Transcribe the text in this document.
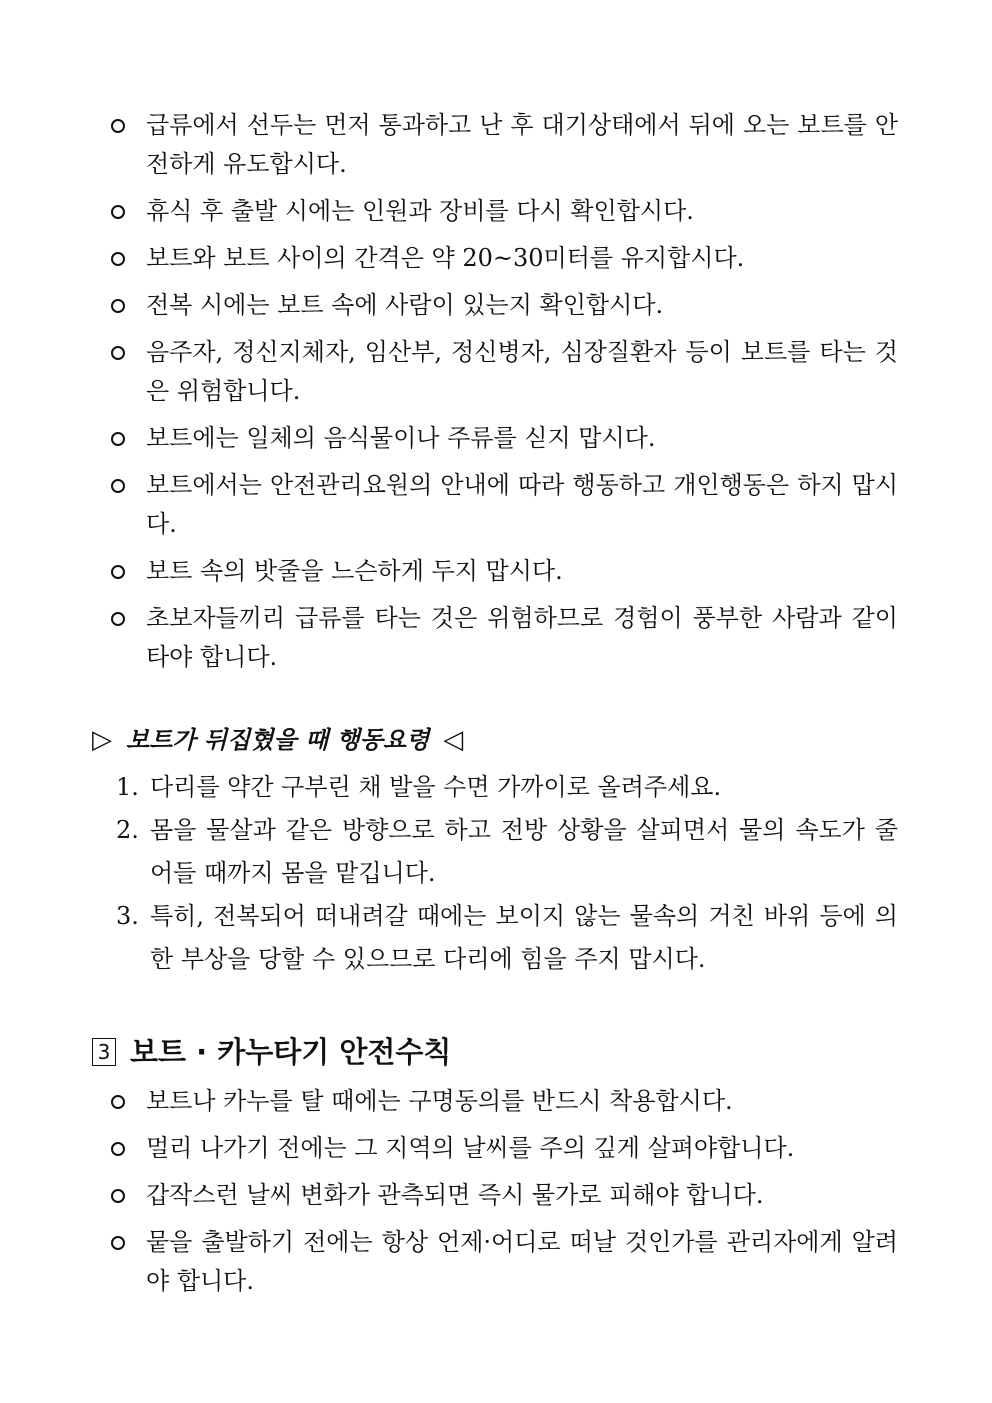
급류에서 선두는 먼저 통과하고 난 후 대기상태에서 뒤에 오는 보트를 안전하게 유도합시다.
휴식 후 출발 시에는 인원과 장비를 다시 확인합시다.
보트와 보트 사이의 간격은 약 20~30미터를 유지합시다.
전복 시에는 보트 속에 사람이 있는지 확인합시다.
음주자, 정신지체자, 임산부, 정신병자, 심장질환자 등이 보트를 타는 것은 위험합니다.
보트에는 일체의 음식물이나 주류를 싣지 맙시다.
보트에서는 안전관리요원의 안내에 따라 행동하고 개인행동은 하지 맙시다.
보트 속의 밧줄을 느슨하게 두지 맙시다.
초보자들끼리 급류를 타는 것은 위험하므로 경험이 풍부한 사람과 같이 타야 합니다.
▷ 보트가 뒤집혔을 때 행동요령 ◁
1. 다리를 약간 구부린 채 발을 수면 가까이로 올려주세요.
2. 몸을 물살과 같은 방향으로 하고 전방 상황을 살피면서 물의 속도가 줄어들 때까지 몸을 맡깁니다.
3. 특히, 전복되어 떠내려갈 때에는 보이지 않는 물속의 거친 바위 등에 의한 부상을 당할 수 있으므로 다리에 힘을 주지 맙시다.
3 보트 · 카누타기 안전수칙
보트나 카누를 탈 때에는 구명동의를 반드시 착용합시다.
멀리 나가기 전에는 그 지역의 날씨를 주의 깊게 살펴야합니다.
갑작스런 날씨 변화가 관측되면 즉시 물가로 피해야 합니다.
뭍을 출발하기 전에는 항상 언제·어디로 떠날 것인가를 관리자에게 알려야 합니다.
